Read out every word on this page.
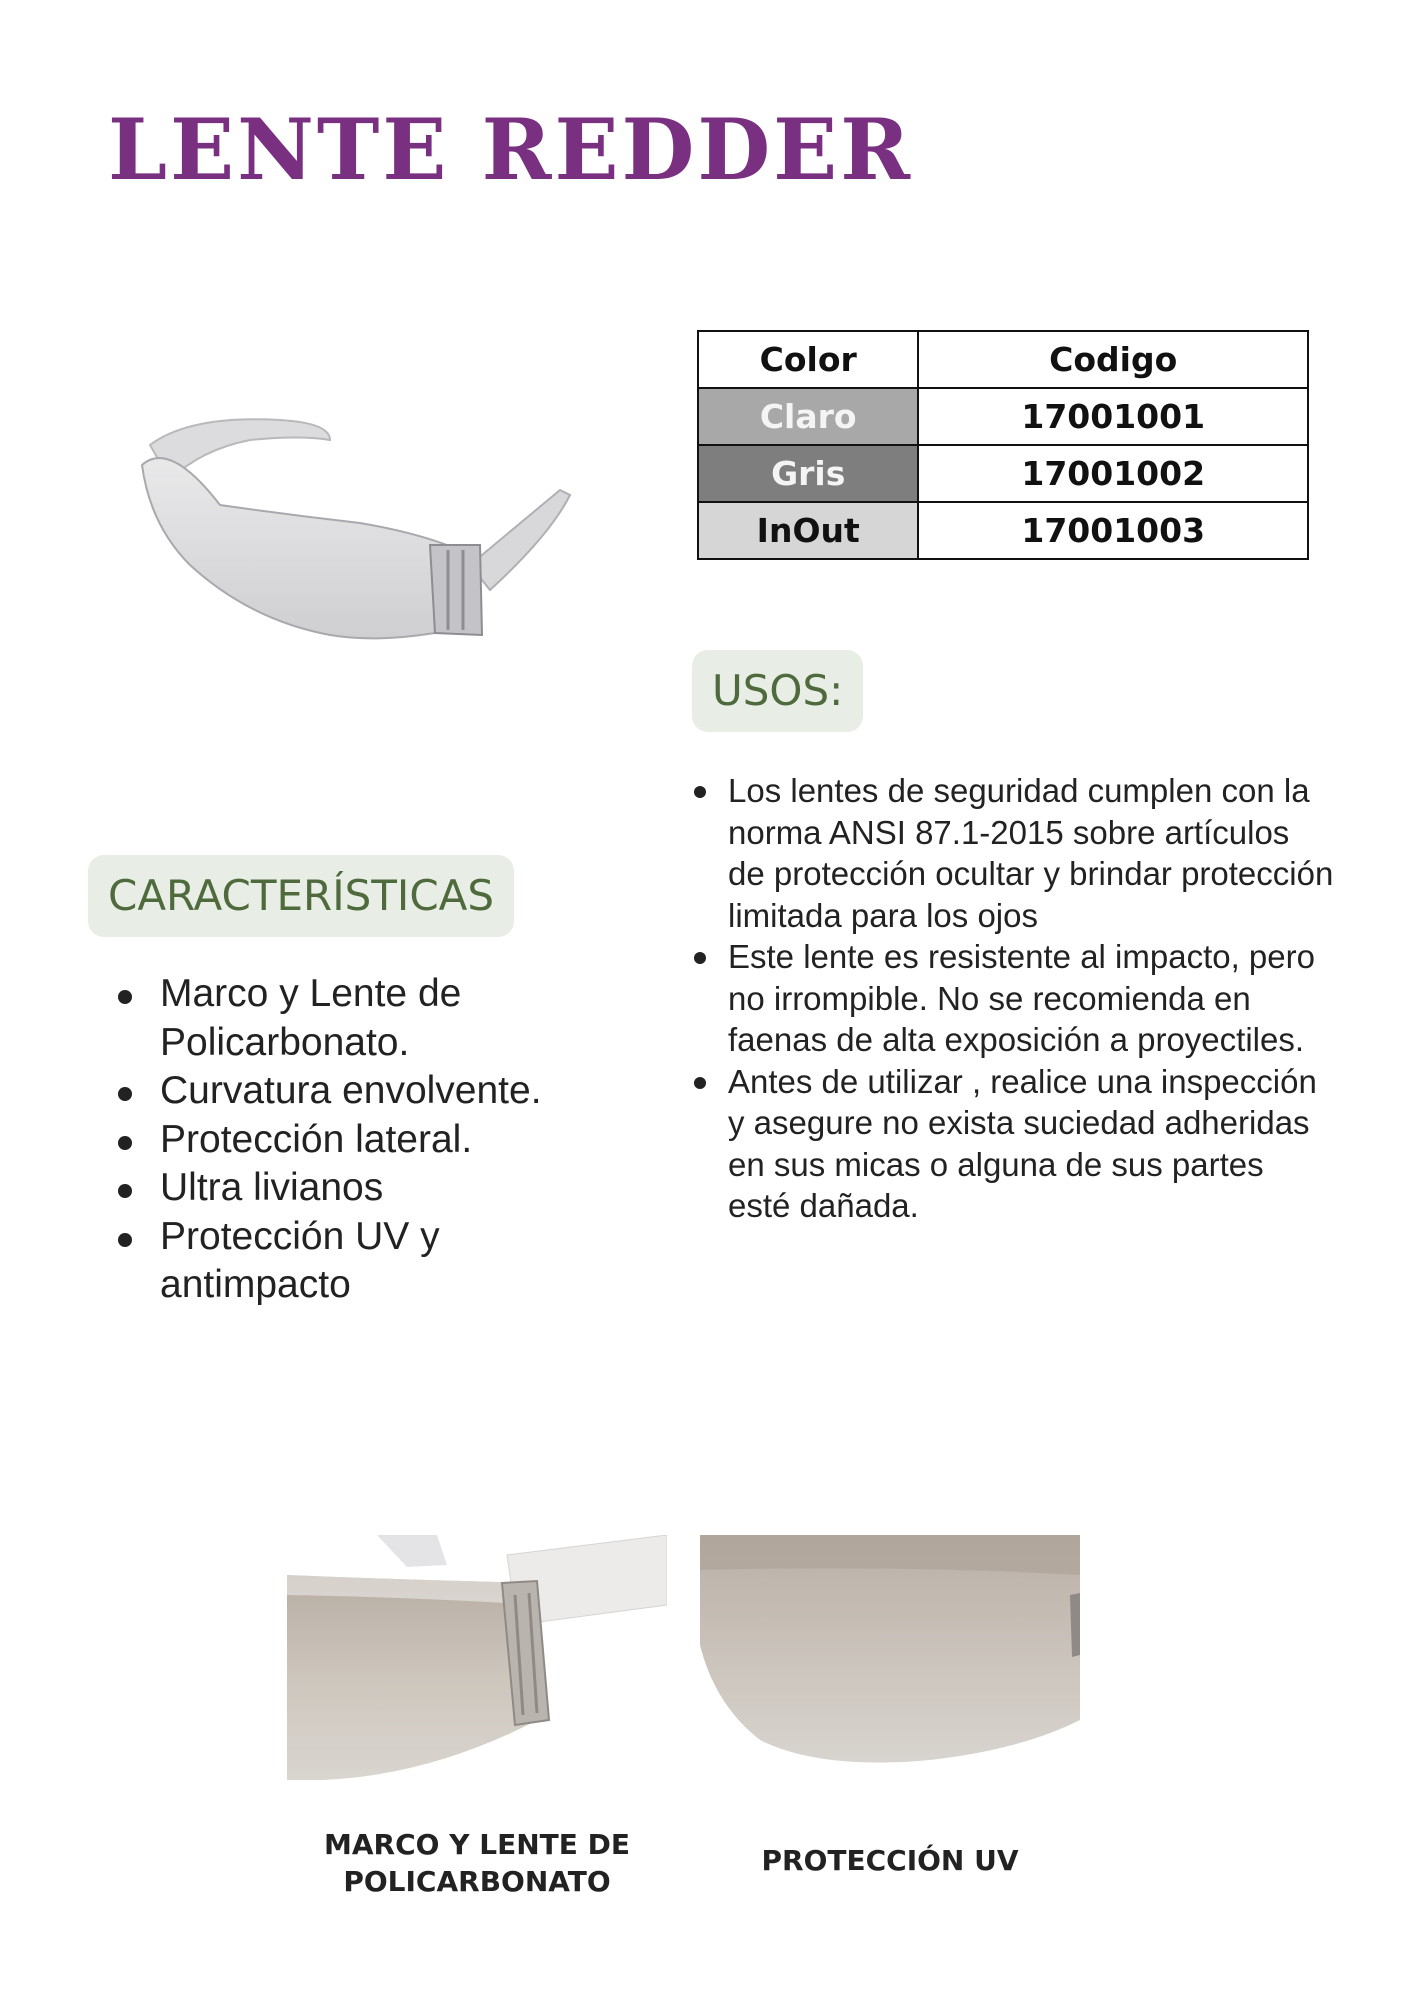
LENTE REDDER
Color	Codigo
Claro	17001001
Gris	17001002
InOut	17001003
USOS:
Los lentes de seguridad cumplen con la norma ANSI 87.1-2015 sobre artículos de protección ocultar y brindar protección limitada para los ojos
Este lente es resistente al impacto, pero no irrompible. No se recomienda en faenas de alta exposición a proyectiles.
Antes de utilizar , realice una inspección y asegure no exista suciedad adheridas en sus micas o alguna de sus partes esté dañada.
CARACTERÍSTICAS
Marco y Lente de Policarbonato.
Curvatura envolvente.
Protección lateral.
Ultra livianos
Protección UV y antimpacto
MARCO Y LENTE DE POLICARBONATO
PROTECCIÓN UV
